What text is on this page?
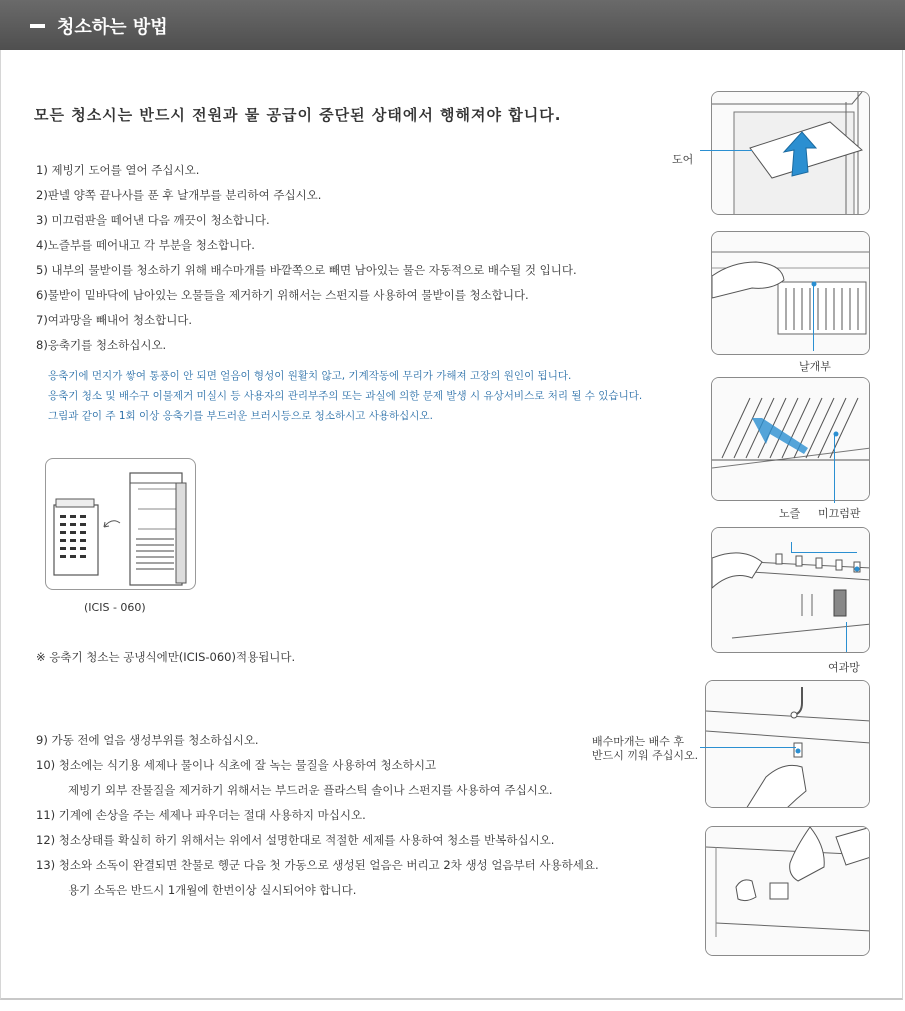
청소하는 방법
모든 청소시는 반드시 전원과 물 공급이 중단된 상태에서 행해져야 합니다.
1) 제빙기 도어를 열어 주십시오.
2)판넬 양쪽 끝나사를 푼 후 날개부를 분리하여 주십시오.
3) 미끄럼판을 떼어낸 다음 깨끗이 청소합니다.
4)노즐부를 떼어내고 각 부분을 청소합니다.
5) 내부의 물받이를 청소하기 위해 배수마개를 바깥쪽으로 빼면 남아있는 물은 자동적으로 배수될 것 입니다.
6)물받이 밑바닥에 남아있는 오물들을 제거하기 위해서는 스펀지를 사용하여 물받이를 청소합니다.
7)여과망을 빼내어 청소합니다.
8)응축기를 청소하십시오.
응축기에 먼지가 쌓여 통풍이 안 되면 얼음이 형성이 원활치 않고, 기계작동에 무리가 가해져 고장의 원인이 됩니다.
응축기 청소 및 배수구 이물제거 미실시 등 사용자의 관리부주의 또는 과실에 의한 문제 발생 시 유상서비스로 처리 될 수 있습니다.
그림과 같이 주 1회 이상 응축기를 부드러운 브러시등으로 청소하시고 사용하십시오.
(ICIS - 060)
※ 응축기 청소는 공냉식에만(ICIS-060)적용됩니다.
9) 가동 전에 얼음 생성부위를 청소하십시오.
10) 청소에는 식기용 세제나 물이나 식초에 잘 녹는 물질을 사용하여 청소하시고
제빙기 외부 잔물질을 제거하기 위해서는 부드러운 플라스틱 솔이나 스펀지를 사용하여 주십시오.
11) 기계에 손상을 주는 세제나 파우더는 절대 사용하지 마십시오.
12) 청소상태를 확실히 하기 위해서는 위에서 설명한대로 적절한 세제를 사용하여 청소를 반복하십시오.
13) 청소와 소독이 완결되면 찬물로 헹군 다음 첫 가동으로 생성된 얼음은 버리고 2차 생성 얼음부터 사용하세요.
용기 소독은 반드시 1개월에 한번이상 실시되어야 합니다.
도어
날개부
노즐 미끄럼판
여과망
배수마개는 배수 후
반드시 끼워 주십시오.
